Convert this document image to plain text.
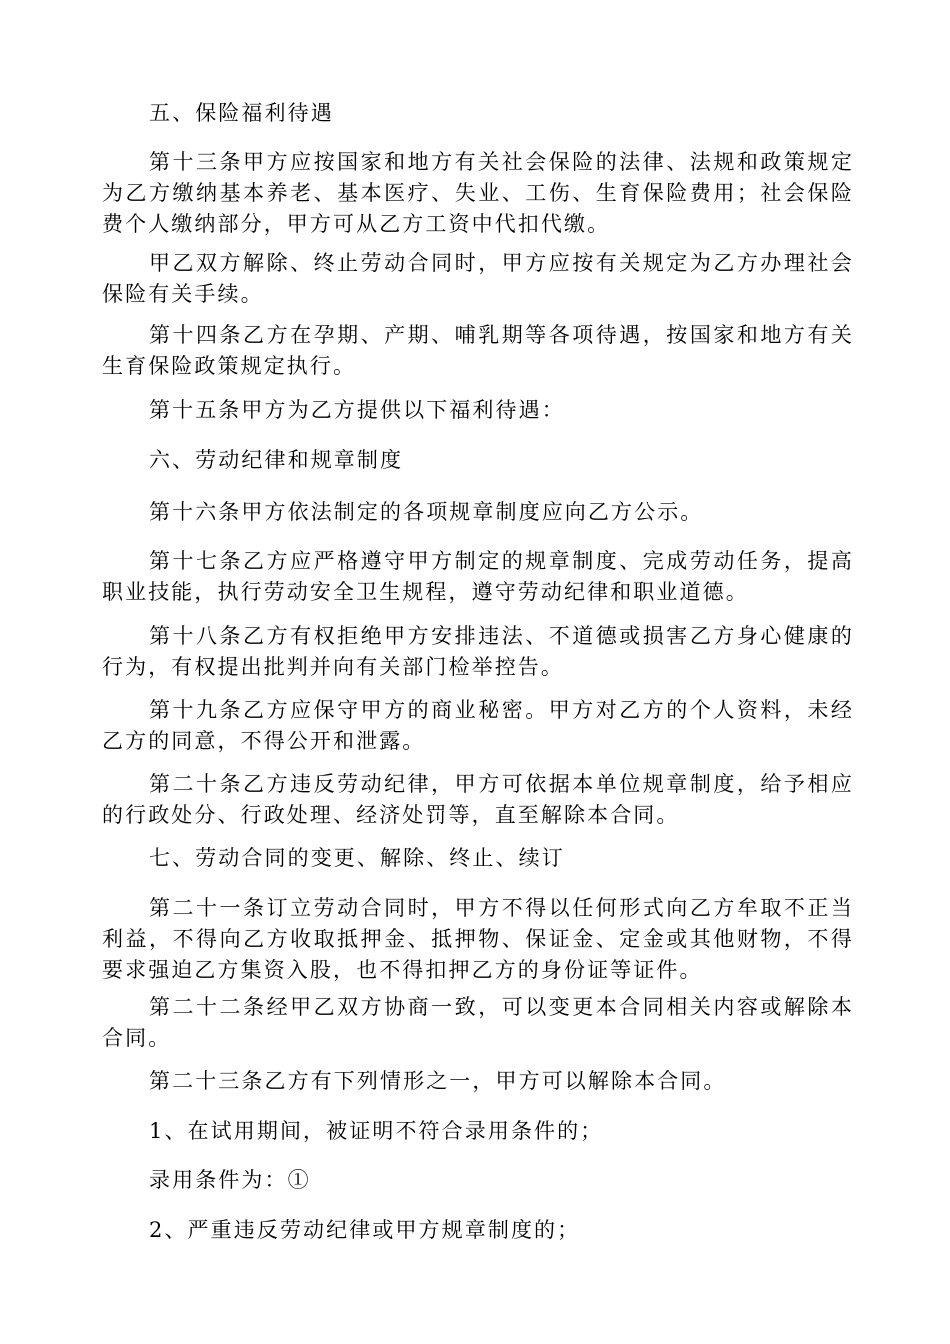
五、保险福利待遇

第十三条甲方应按国家和地方有关社会保险的法律、法规和政策规定为乙方缴纳基本养老、基本医疗、失业、工伤、生育保险费用；社会保险费个人缴纳部分，甲方可从乙方工资中代扣代缴。

甲乙双方解除、终止劳动合同时，甲方应按有关规定为乙方办理社会保险有关手续。

第十四条乙方在孕期、产期、哺乳期等各项待遇，按国家和地方有关生育保险政策规定执行。

第十五条甲方为乙方提供以下福利待遇：

六、劳动纪律和规章制度

第十六条甲方依法制定的各项规章制度应向乙方公示。

第十七条乙方应严格遵守甲方制定的规章制度、完成劳动任务，提高职业技能，执行劳动安全卫生规程，遵守劳动纪律和职业道德。

第十八条乙方有权拒绝甲方安排违法、不道德或损害乙方身心健康的行为，有权提出批判并向有关部门检举控告。

第十九条乙方应保守甲方的商业秘密。甲方对乙方的个人资料，未经乙方的同意，不得公开和泄露。

第二十条乙方违反劳动纪律，甲方可依据本单位规章制度，给予相应的行政处分、行政处理、经济处罚等，直至解除本合同。

七、劳动合同的变更、解除、终止、续订

第二十一条订立劳动合同时，甲方不得以任何形式向乙方牟取不正当利益，不得向乙方收取抵押金、抵押物、保证金、定金或其他财物，不得要求强迫乙方集资入股，也不得扣押乙方的身份证等证件。

第二十二条经甲乙双方协商一致，可以变更本合同相关内容或解除本合同。

第二十三条乙方有下列情形之一，甲方可以解除本合同。

1、在试用期间，被证明不符合录用条件的；

录用条件为：①

2、严重违反劳动纪律或甲方规章制度的；
